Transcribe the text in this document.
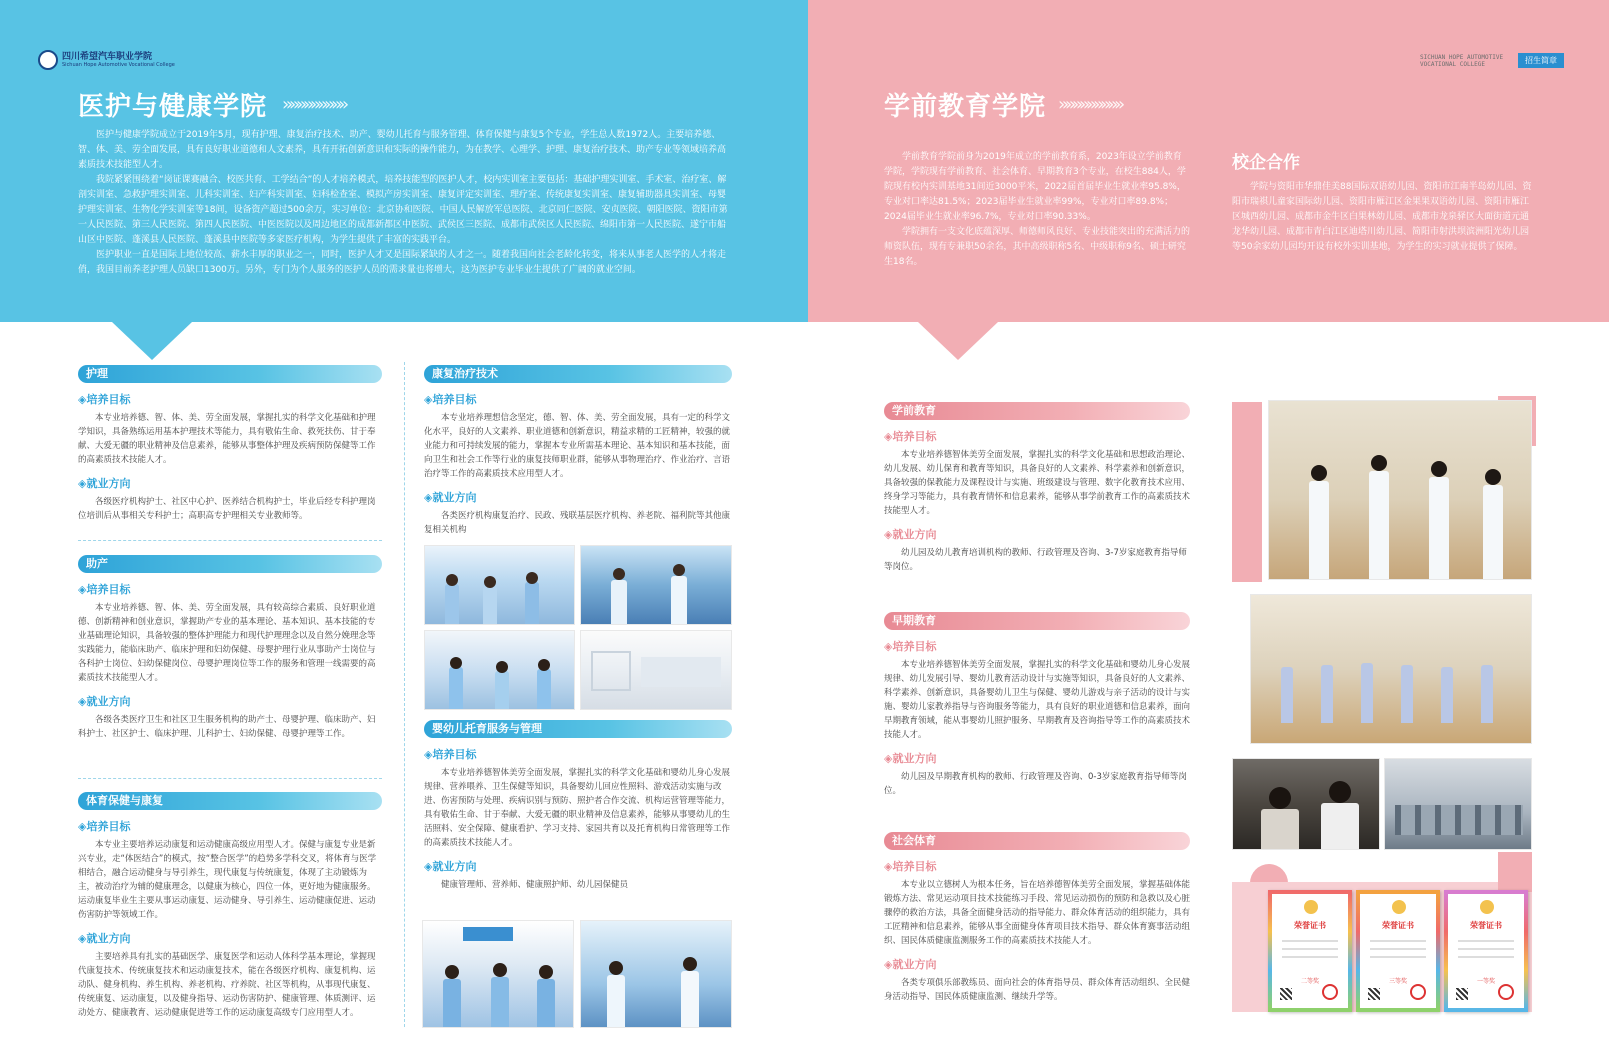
四川希望汽车职业学院
Sichuan Hope Automotive Vocational College
SICHUAN HOPE AUTOMOTIVE
VOCATIONAL COLLEGE	招生简章
医护与健康学院 »»»»»»»»»	学前教育学院 »»»»»»»»»

医护与健康学院成立于2019年5月，现有护理、康复治疗技术、助产、婴幼儿托育与服务管理、体育保健与康复5个专业，学生总人数1972人。主要培养德、智、体、美、劳全面发展，具有良好职业道德和人文素养，具有开拓创新意识和实际的操作能力，为在教学、心理学、护理、康复治疗技术、助产专业等领域培养高素质技术技能型人才。

我院紧紧围绕着“岗证课赛融合、校医共育、工学结合”的人才培养模式，培养技能型的医护人才，校内实训室主要包括：基础护理实训室、手术室、治疗室、解剖实训室、急救护理实训室、儿科实训室、妇产科实训室、妇科检查室、模拟产房实训室、康复评定实训室、理疗室、传统康复实训室、康复辅助器具实训室、母婴护理实训室、生物化学实训室等18间，设备资产超过500余万，实习单位：北京协和医院、中国人民解放军总医院、北京同仁医院、安贞医院、朝阳医院、资阳市第一人民医院、第三人民医院、第四人民医院、中医医院以及周边地区的成都新都区中医院、武侯区三医院、成都市武侯区人民医院、绵阳市第一人民医院、遂宁市船山区中医院、蓬溪县人民医院、蓬溪县中医院等多家医疗机构，为学生提供了丰富的实践平台。

医护职业一直是国际上地位较高、薪水丰厚的职业之一，同时，医护人才又是国际紧缺的人才之一。随着我国向社会老龄化转变，将来从事老人医学的人才将走俏，我国目前养老护理人员缺口1300万。另外，专门为个人服务的医护人员的需求量也将增大，这为医护专业毕业生提供了广阔的就业空间。

学前教育学院前身为2019年成立的学前教育系，2023年设立学前教育学院，学院现有学前教育、社会体育、早期教育3个专业，在校生884人，学院现有校内实训基地31间近3000平米，2022届首届毕业生就业率95.8%，专业对口率达81.5%；2023届毕业生就业率99%，专业对口率89.8%；2024届毕业生就业率96.7%，专业对口率90.33%。

学院拥有一支文化底蕴深厚、师德师风良好、专业技能突出的充满活力的师资队伍，现有专兼职50余名，其中高级职称5名、中级职称9名、硕士研究生18名。

校企合作

学院与资阳市华鼎佳美88国际双语幼儿园、资阳市江南半岛幼儿园、资阳市瑞祺儿童家国际幼儿园、资阳市雁江区金果果双语幼儿园、资阳市雁江区城西幼儿园、成都市金牛区白果林幼儿园、成都市龙泉驿区大面街道元通龙华幼儿园、成都市青白江区迪塔川幼儿园、简阳市射洪坝滨洲阳光幼儿园等50余家幼儿园均开设有校外实训基地，为学生的实习就业提供了保障。

护理
◈培养目标
本专业培养德、智、体、美、劳全面发展，掌握扎实的科学文化基础和护理学知识，具备熟练运用基本护理技术等能力，具有敬佑生命、救死扶伤、甘于奉献、大爱无疆的职业精神及信息素养，能够从事整体护理及疾病预防保健等工作的高素质技术技能人才。
◈就业方向
各级医疗机构护士、社区中心护、医养结合机构护士，毕业后经专科护理岗位培训后从事相关专科护士；高职高专护理相关专业教师等。
助产
◈培养目标
本专业培养德、智、体、美、劳全面发展，具有较高综合素质、良好职业道德、创新精神和创业意识，掌握助产专业的基本理论、基本知识、基本技能的专业基础理论知识，具备较强的整体护理能力和现代护理理念以及自然分娩理念等实践能力，能临床助产、临床护理和妇幼保健、母婴护理行业从事助产士岗位与各科护士岗位、妇幼保健岗位、母婴护理岗位等工作的服务和管理一线需要的高素质技术技能型人才。
◈就业方向
各级各类医疗卫生和社区卫生服务机构的助产士、母婴护理、临床助产、妇科护士、社区护士、临床护理、儿科护士、妇幼保健、母婴护理等工作。
体育保健与康复
◈培养目标
本专业主要培养运动康复和运动健康高级应用型人才。保健与康复专业是新兴专业，走“体医结合”的模式，按“整合医学”的趋势多学科交叉，将体育与医学相结合，融合运动健身与导引养生，现代康复与传统康复，体现了主动锻炼为主，被动治疗为辅的健康理念，以健康为核心，四位一体，更好地为健康服务。运动康复毕业生主要从事运动康复、运动健身、导引养生、运动健康促进、运动伤害防护等领域工作。
◈就业方向
主要培养具有扎实的基础医学、康复医学和运动人体科学基本理论，掌握现代康复技术、传统康复技术和运动康复技术，能在各级医疗机构、康复机构、运动队、健身机构、养生机构、养老机构、疗养院、社区等机构，从事现代康复、传统康复、运动康复，以及健身指导、运动伤害防护、健康管理、体质测评、运动处方、健康教育、运动健康促进等工作的运动康复高级专门应用型人才。
康复治疗技术
◈培养目标
本专业培养理想信念坚定，德、智、体、美、劳全面发展，具有一定的科学文化水平，良好的人文素养、职业道德和创新意识，精益求精的工匠精神，较强的就业能力和可持续发展的能力，掌握本专业所需基本理论、基本知识和基本技能，面向卫生和社会工作等行业的康复技师职业群，能够从事物理治疗、作业治疗、言语治疗等工作的高素质技术应用型人才。
◈就业方向
各类医疗机构康复治疗、民政、残联基层医疗机构、养老院、福利院等其他康复相关机构
婴幼儿托育服务与管理
◈培养目标
本专业培养德智体美劳全面发展，掌握扎实的科学文化基础和婴幼儿身心发展规律、营养喂养、卫生保健等知识，具备婴幼儿回应性照料、游戏活动实施与改进、伤害预防与处理、疾病识别与预防、照护者合作交流、机构运营管理等能力，具有敬佑生命、甘于奉献、大爱无疆的职业精神及信息素养，能够从事婴幼儿的生活照料、安全保障、健康看护、学习支持、家园共育以及托育机构日常管理等工作的高素质技术技能人才。
◈就业方向
健康管理师、营养师、健康照护师、幼儿园保健员
学前教育
◈培养目标
本专业培养德智体美劳全面发展，掌握扎实的科学文化基础和思想政治理论、幼儿发展、幼儿保育和教育等知识，具备良好的人文素养、科学素养和创新意识，具备较强的保教能力及课程设计与实施、班级建设与管理、数字化教育技术应用、终身学习等能力，具有教育情怀和信息素养，能够从事学前教育工作的高素质技术技能型人才。
◈就业方向
幼儿园及幼儿教育培训机构的教师、行政管理及咨询、3-7岁家庭教育指导师等岗位。
早期教育
◈培养目标
本专业培养德智体美劳全面发展，掌握扎实的科学文化基础和婴幼儿身心发展规律、幼儿发展引导、婴幼儿教育活动设计与实施等知识，具备良好的人文素养、科学素养、创新意识，具备婴幼儿卫生与保健、婴幼儿游戏与亲子活动的设计与实施、婴幼儿家教养指导与咨询服务等能力，具有良好的职业道德和信息素养，面向早期教育领域，能从事婴幼儿照护服务、早期教育及咨询指导等工作的高素质技术技能人才。
◈就业方向
幼儿园及早期教育机构的教师、行政管理及咨询、0-3岁家庭教育指导师等岗位。
社会体育
◈培养目标
本专业以立德树人为根本任务，旨在培养德智体美劳全面发展，掌握基础体能锻炼方法、常见运动项目技术技能练习手段、常见运动损伤的预防和急救以及心脏骤停的救治方法，具备全面健身活动的指导能力、群众体育活动的组织能力，具有工匠精神和信息素养，能够从事全面健身体育项目技术指导、群众体育赛事活动组织、国民体质健康监测服务工作的高素质技术技能人才。
◈就业方向
各类专项俱乐部教练员、面向社会的体育指导员、群众体育活动组织、全民健身活动指导、国民体质健康监测、继续升学等。
荣誉证书
二等奖
荣誉证书
三等奖
荣誉证书
一等奖
